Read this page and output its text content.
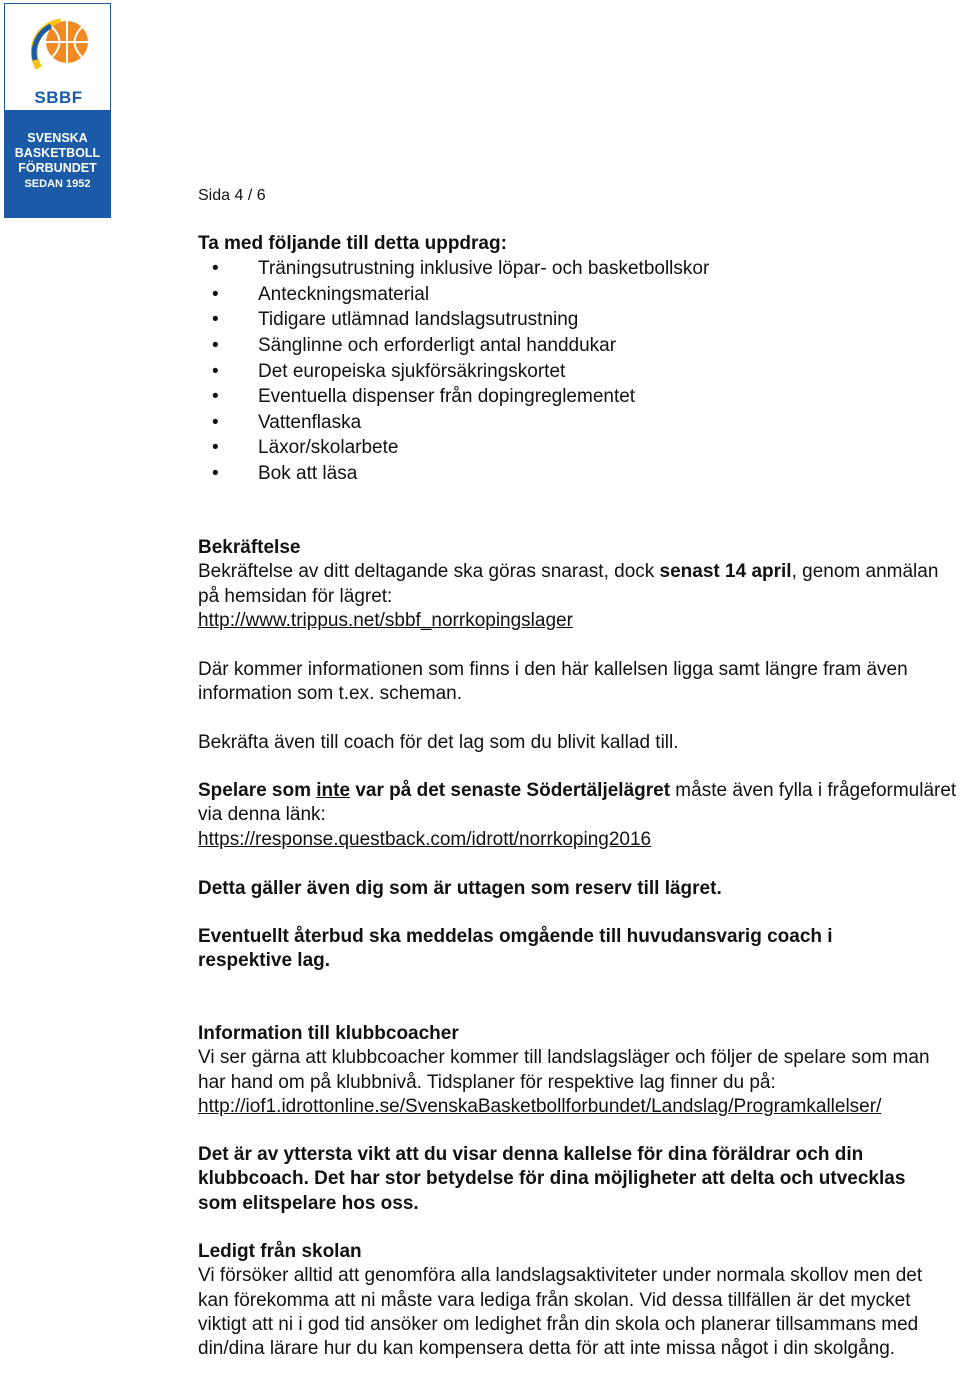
SBBF
SVENSKA
BASKETBOLL
FÖRBUNDET
SEDAN 1952
Sida 4 / 6
Ta med följande till detta uppdrag:
• Träningsutrustning inklusive löpar- och basketbollskor
• Anteckningsmaterial
• Tidigare utlämnad landslagsutrustning
• Sänglinne och erforderligt antal handdukar
• Det europeiska sjukförsäkringskortet
• Eventuella dispenser från dopingreglementet
• Vattenflaska
• Läxor/skolarbete
• Bok att läsa
Bekräftelse

Bekräftelse av ditt deltagande ska göras snarast, dock senast 14 april, genom anmälan på hemsidan för lägret:

http://www.trippus.net/sbbf_norrkopingslager

Där kommer informationen som finns i den här kallelsen ligga samt längre fram även information som t.ex. scheman.

Bekräfta även till coach för det lag som du blivit kallad till.

Spelare som inte var på det senaste Södertäljelägret måste även fylla i frågeformuläret via denna länk:

https://response.questback.com/idrott/norrkoping2016

Detta gäller även dig som är uttagen som reserv till lägret.

Eventuellt återbud ska meddelas omgående till huvudansvarig coach i respektive lag.

Information till klubbcoacher

Vi ser gärna att klubbcoacher kommer till landslagsläger och följer de spelare som man har hand om på klubbnivå. Tidsplaner för respektive lag finner du på:

http://iof1.idrottonline.se/SvenskaBasketbollforbundet/Landslag/Programkallelser/

Det är av yttersta vikt att du visar denna kallelse för dina föräldrar och din klubbcoach. Det har stor betydelse för dina möjligheter att delta och utvecklas som elitspelare hos oss.

Ledigt från skolan

Vi försöker alltid att genomföra alla landslagsaktiviteter under normala skollov men det kan förekomma att ni måste vara lediga från skolan. Vid dessa tillfällen är det mycket viktigt att ni i god tid ansöker om ledighet från din skola och planerar tillsammans med din/dina lärare hur du kan kompensera detta för att inte missa något i din skolgång.
